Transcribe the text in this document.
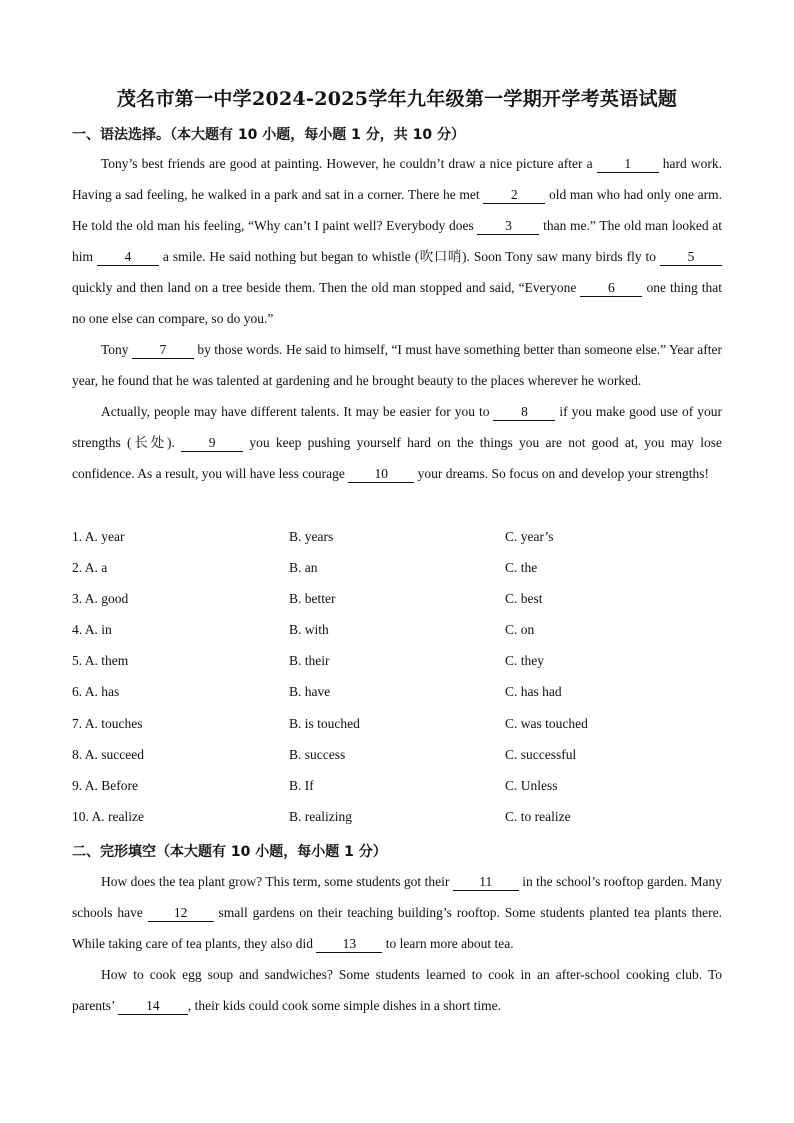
茂名市第一中学2024-2025学年九年级第一学期开学考英语试题
一、语法选择。（本大题有 10 小题，每小题 1 分，共 10 分）

Tony’s best friends are good at painting. However, he couldn’t draw a nice picture after a 1 hard work. Having a sad feeling, he walked in a park and sat in a corner. There he met 2 old man who had only one arm. He told the old man his feeling, “Why can’t I paint well? Everybody does 3 than me.” The old man looked at him 4 a smile. He said nothing but began to whistle (吹口哨). Soon Tony saw many birds fly to 5 quickly and then land on a tree beside them. Then the old man stopped and said, “Everyone 6 one thing that no one else can compare, so do you.”

Tony 7 by those words. He said to himself, “I must have something better than someone else.” Year after year, he found that he was talented at gardening and he brought beauty to the places wherever he worked.

Actually, people may have different talents. It may be easier for you to 8 if you make good use of your strengths (长处). 9 you keep pushing yourself hard on the things you are not good at, you may lose confidence. As a result, you will have less courage 10 your dreams. So focus on and develop your strengths!

1. A. year	B. years	C. year’s
2. A. a	B. an	C. the
3. A. good	B. better	C. best
4. A. in	B. with	C. on
5. A. them	B. their	C. they
6. A. has	B. have	C. has had
7. A. touches	B. is touched	C. was touched
8. A. succeed	B. success	C. successful
9. A. Before	B. If	C. Unless
10. A. realize	B. realizing	C. to realize
二、完形填空（本大题有 10 小题，每小题 1 分）

How does the tea plant grow? This term, some students got their 11 in the school’s rooftop garden. Many schools have 12 small gardens on their teaching building’s rooftop. Some students planted tea plants there. While taking care of tea plants, they also did 13 to learn more about tea.

How to cook egg soup and sandwiches? Some students learned to cook in an after-school cooking club. To parents’ 14 , their kids could cook some simple dishes in a short time.
